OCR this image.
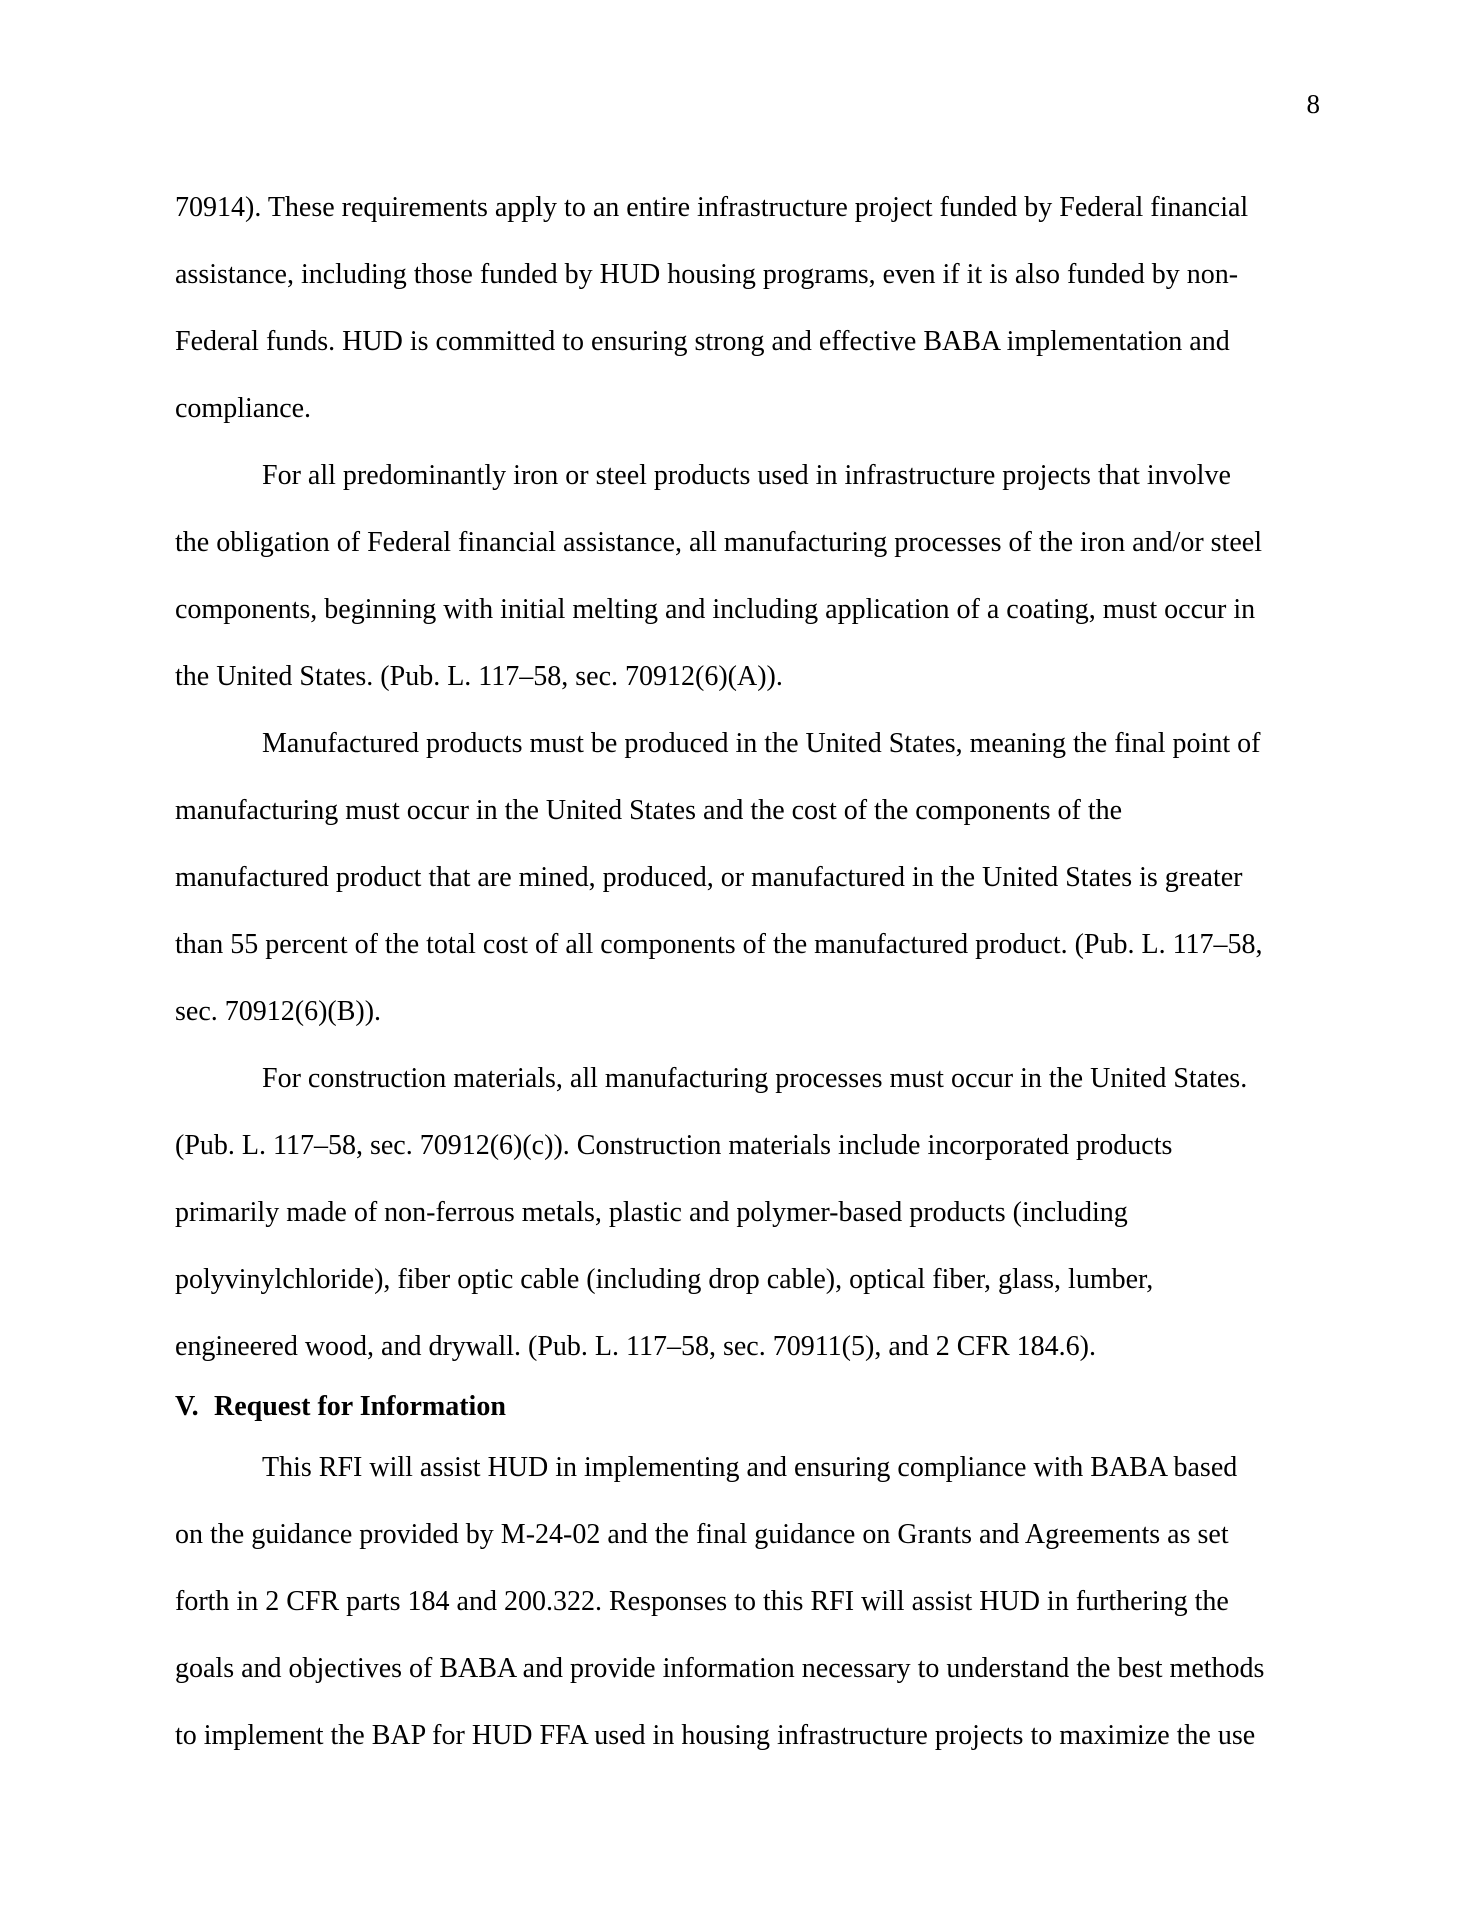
8
70914). These requirements apply to an entire infrastructure project funded by Federal financial
assistance, including those funded by HUD housing programs, even if it is also funded by non-
Federal funds. HUD is committed to ensuring strong and effective BABA implementation and
compliance.
For all predominantly iron or steel products used in infrastructure projects that involve
the obligation of Federal financial assistance, all manufacturing processes of the iron and/or steel
components, beginning with initial melting and including application of a coating, must occur in
the United States. (Pub. L. 117–58, sec. 70912(6)(A)).
Manufactured products must be produced in the United States, meaning the final point of
manufacturing must occur in the United States and the cost of the components of the
manufactured product that are mined, produced, or manufactured in the United States is greater
than 55 percent of the total cost of all components of the manufactured product. (Pub. L. 117–58,
sec. 70912(6)(B)).
For construction materials, all manufacturing processes must occur in the United States.
(Pub. L. 117–58, sec. 70912(6)(c)). Construction materials include incorporated products
primarily made of non-ferrous metals, plastic and polymer-based products (including
polyvinylchloride), fiber optic cable (including drop cable), optical fiber, glass, lumber,
engineered wood, and drywall. (Pub. L. 117–58, sec. 70911(5), and 2 CFR 184.6).
V. Request for Information
This RFI will assist HUD in implementing and ensuring compliance with BABA based
on the guidance provided by M-24-02 and the final guidance on Grants and Agreements as set
forth in 2 CFR parts 184 and 200.322. Responses to this RFI will assist HUD in furthering the
goals and objectives of BABA and provide information necessary to understand the best methods
to implement the BAP for HUD FFA used in housing infrastructure projects to maximize the use
